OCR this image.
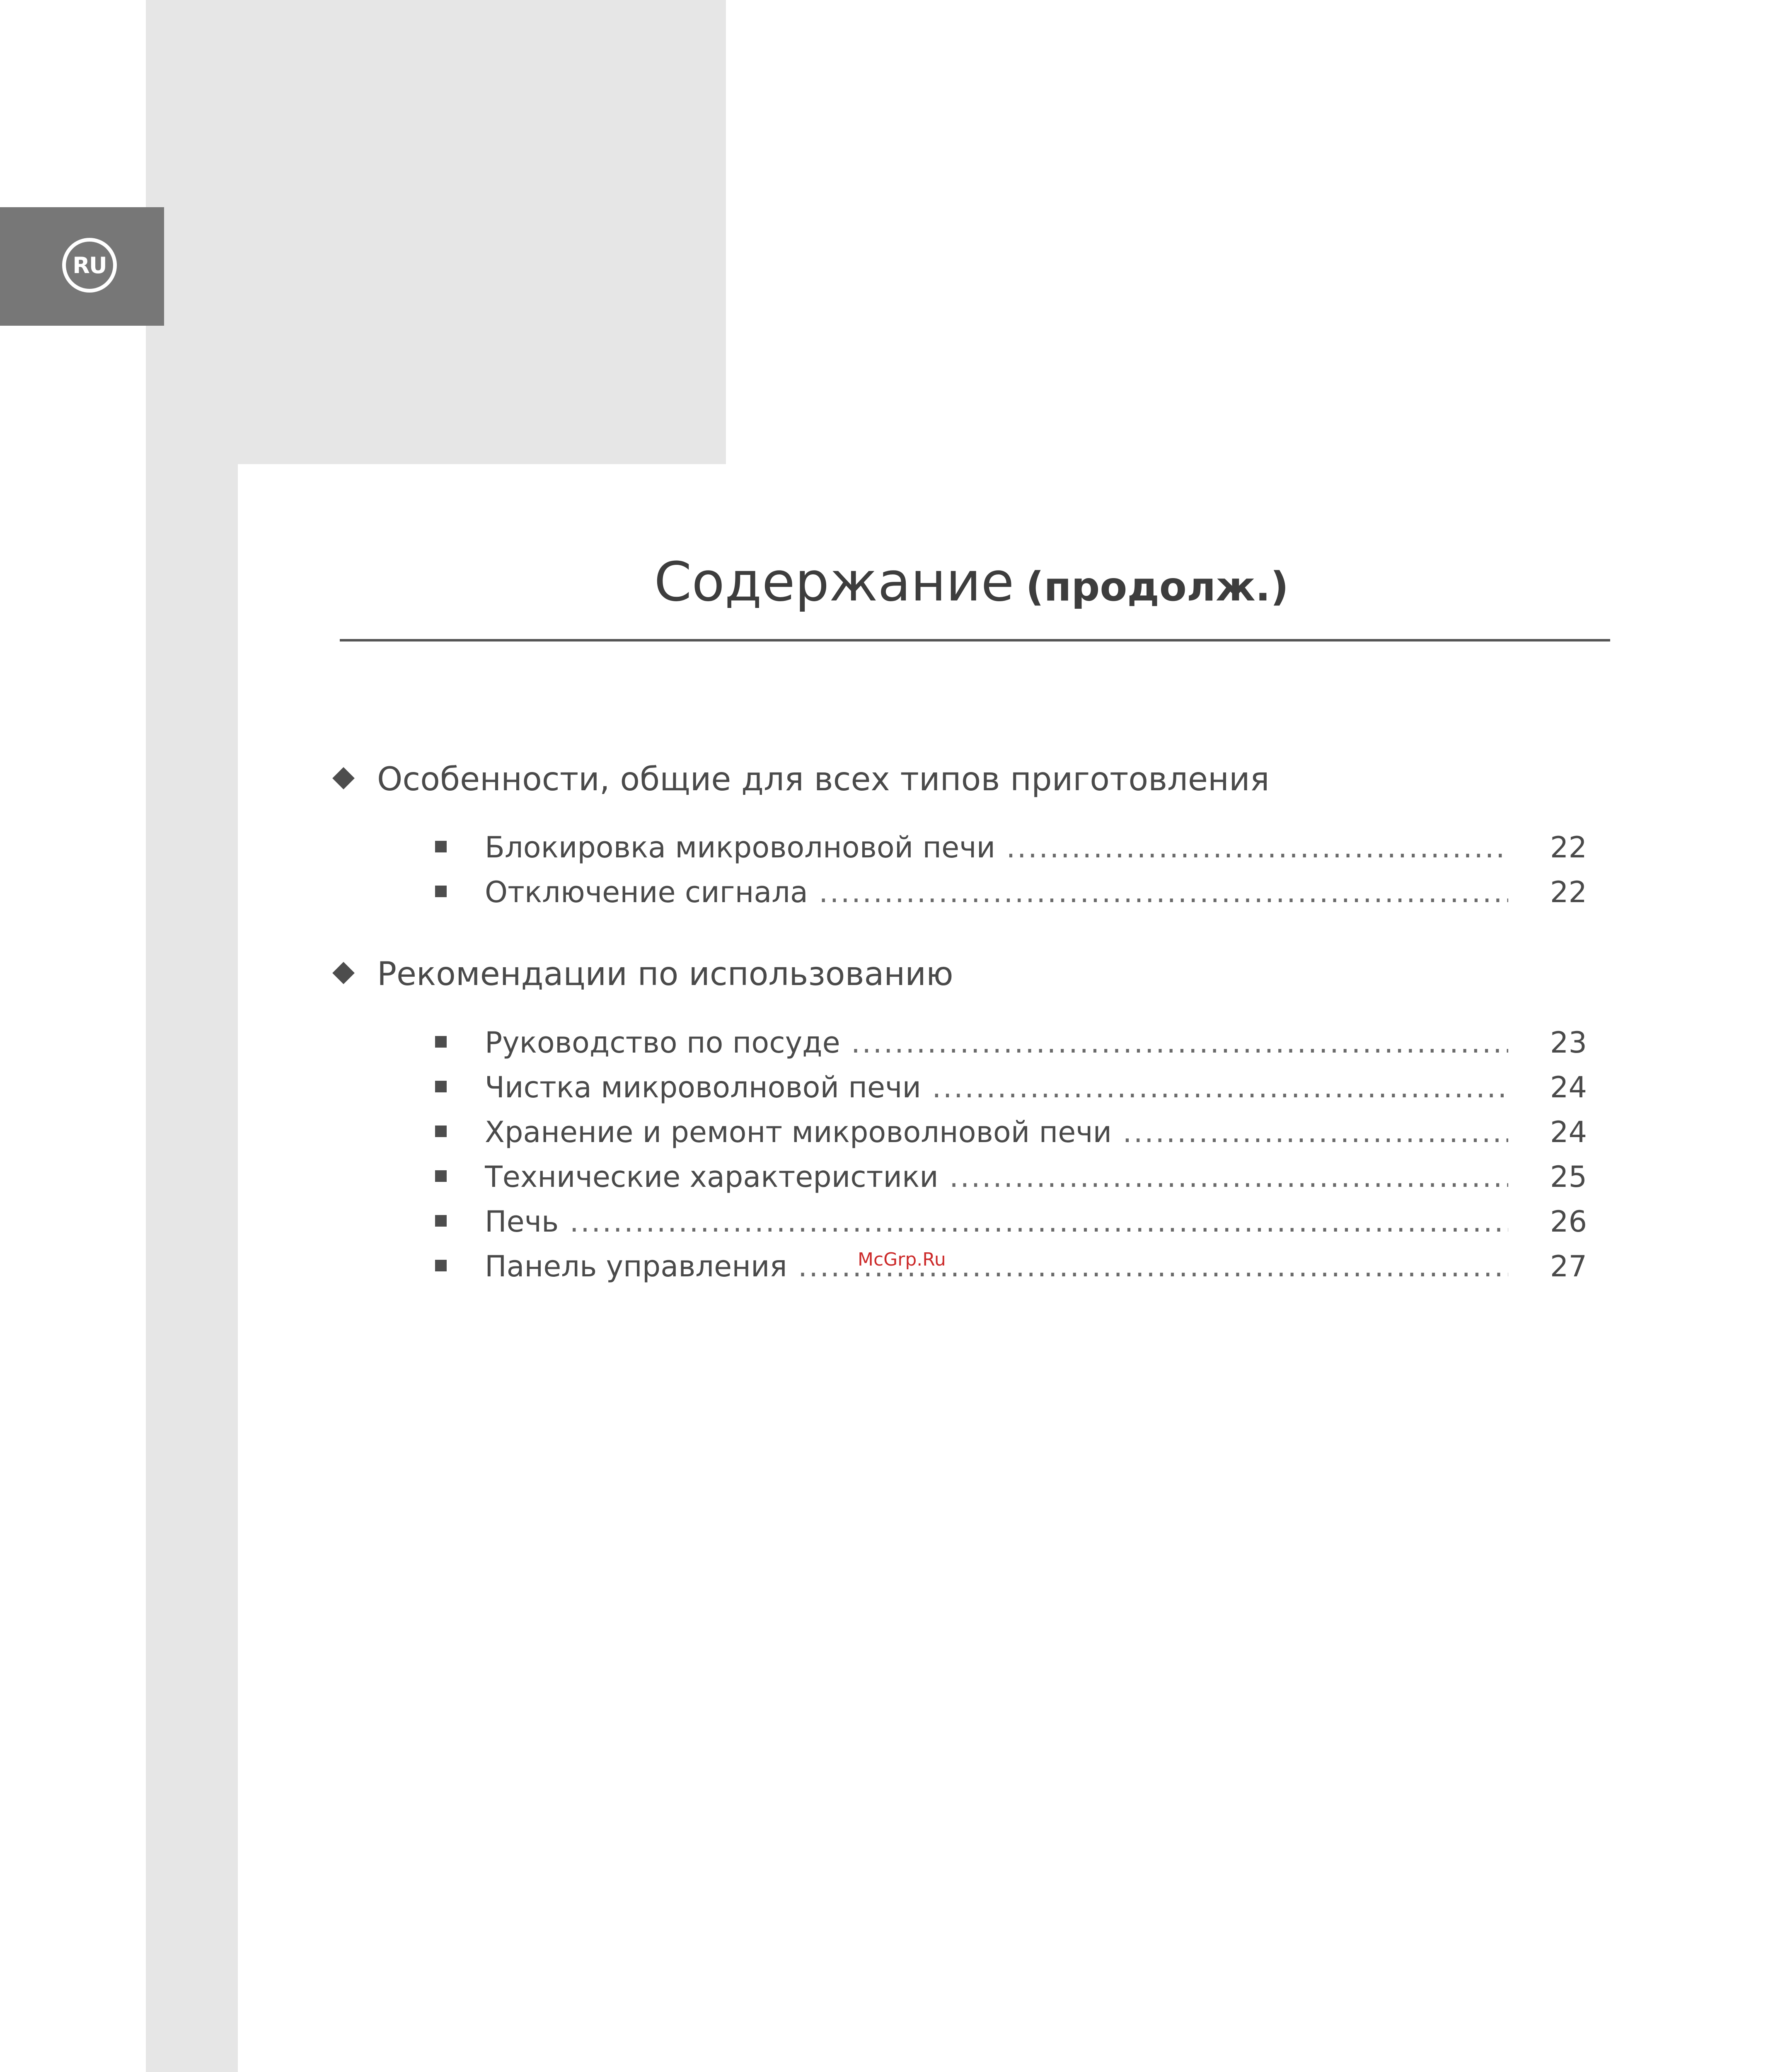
RU
Содержание (продолж.)
Особенности, общие для всех типов приготовления
Блокировка микроволновой печи .....	22
Отключение сигнала .....	22
Рекомендации по использованию
Руководство по посуде .....	23
Чистка микроволновой печи .....	24
Хранение и ремонт микроволновой печи .....	24
Технические характеристики .....	25
Печь .....	26
Панель управления .....	27
McGrp.Ru
